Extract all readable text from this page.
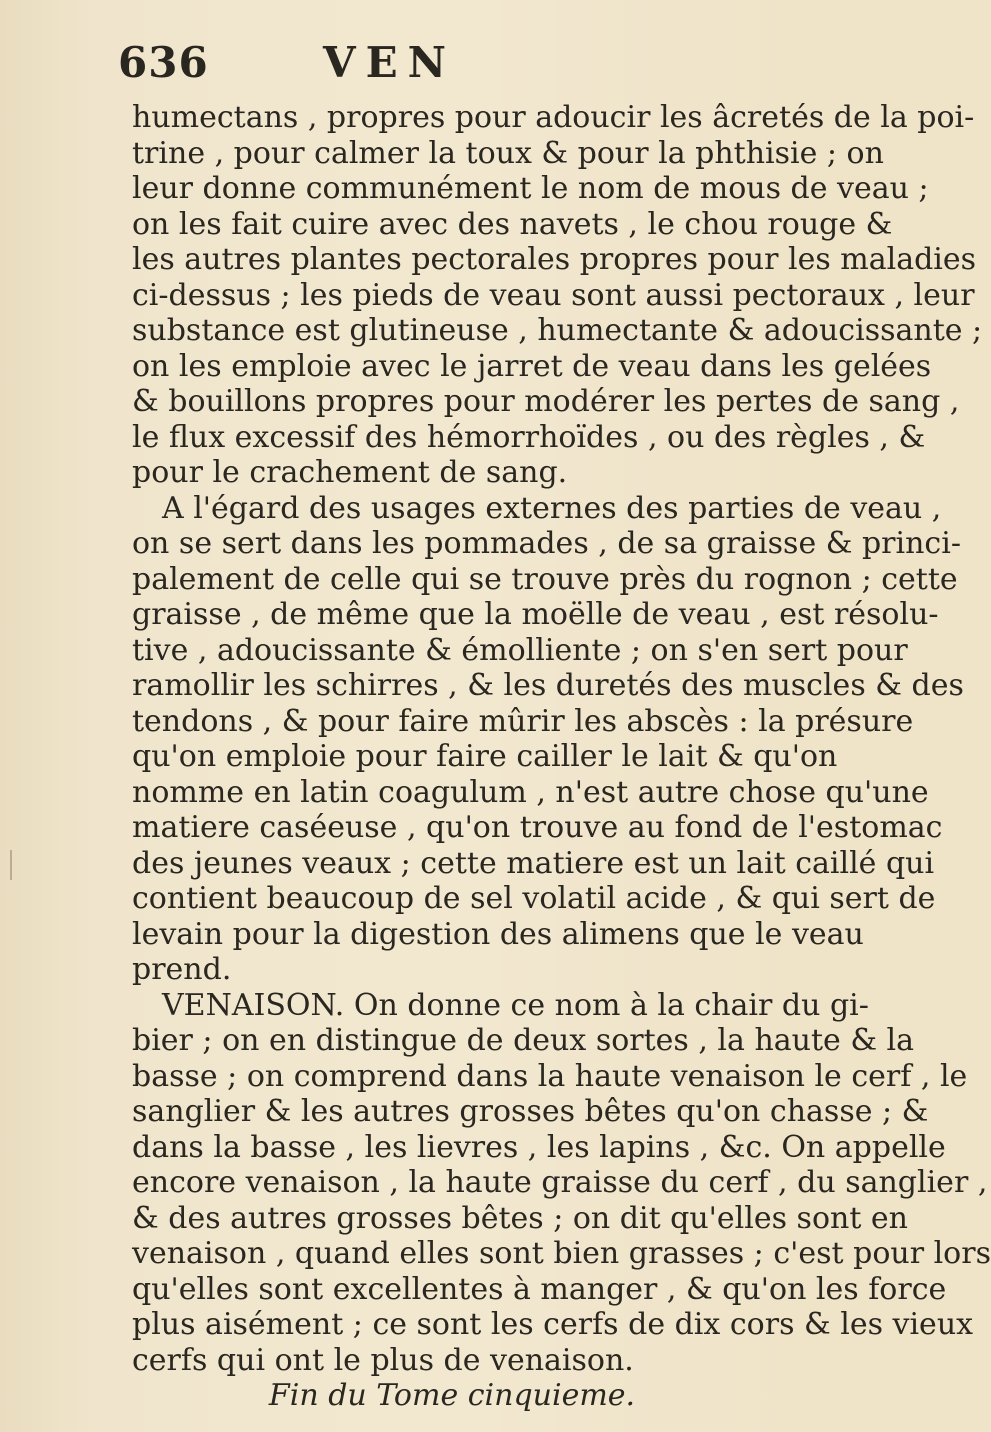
636	VEN
humectans , propres pour adoucir les âcretés de la poi-
trine , pour calmer la toux & pour la phthisie ; on
leur donne communément le nom de mous de veau ;
on les fait cuire avec des navets , le chou rouge &
les autres plantes pectorales propres pour les maladies
ci-dessus ; les pieds de veau sont aussi pectoraux , leur
substance est glutineuse , humectante & adoucissante ;
on les emploie avec le jarret de veau dans les gelées
& bouillons propres pour modérer les pertes de sang ,
le flux excessif des hémorrhoïdes , ou des règles , &
pour le crachement de sang.
A l'égard des usages externes des parties de veau ,
on se sert dans les pommades , de sa graisse & princi-
palement de celle qui se trouve près du rognon ; cette
graisse , de même que la moëlle de veau , est résolu-
tive , adoucissante & émolliente ; on s'en sert pour
ramollir les schirres , & les duretés des muscles & des
tendons , & pour faire mûrir les abscès : la présure
qu'on emploie pour faire cailler le lait & qu'on
nomme en latin coagulum , n'est autre chose qu'une
matiere caséeuse , qu'on trouve au fond de l'estomac
des jeunes veaux ; cette matiere est un lait caillé qui
contient beaucoup de sel volatil acide , & qui sert de
levain pour la digestion des alimens que le veau
prend.
VENAISON. On donne ce nom à la chair du gi-
bier ; on en distingue de deux sortes , la haute & la
basse ; on comprend dans la haute venaison le cerf , le
sanglier & les autres grosses bêtes qu'on chasse ; &
dans la basse , les lievres , les lapins , &c. On appelle
encore venaison , la haute graisse du cerf , du sanglier ,
& des autres grosses bêtes ; on dit qu'elles sont en
venaison , quand elles sont bien grasses ; c'est pour lors
qu'elles sont excellentes à manger , & qu'on les force
plus aisément ; ce sont les cerfs de dix cors & les vieux
cerfs qui ont le plus de venaison.
Fin du Tome cinquieme.
